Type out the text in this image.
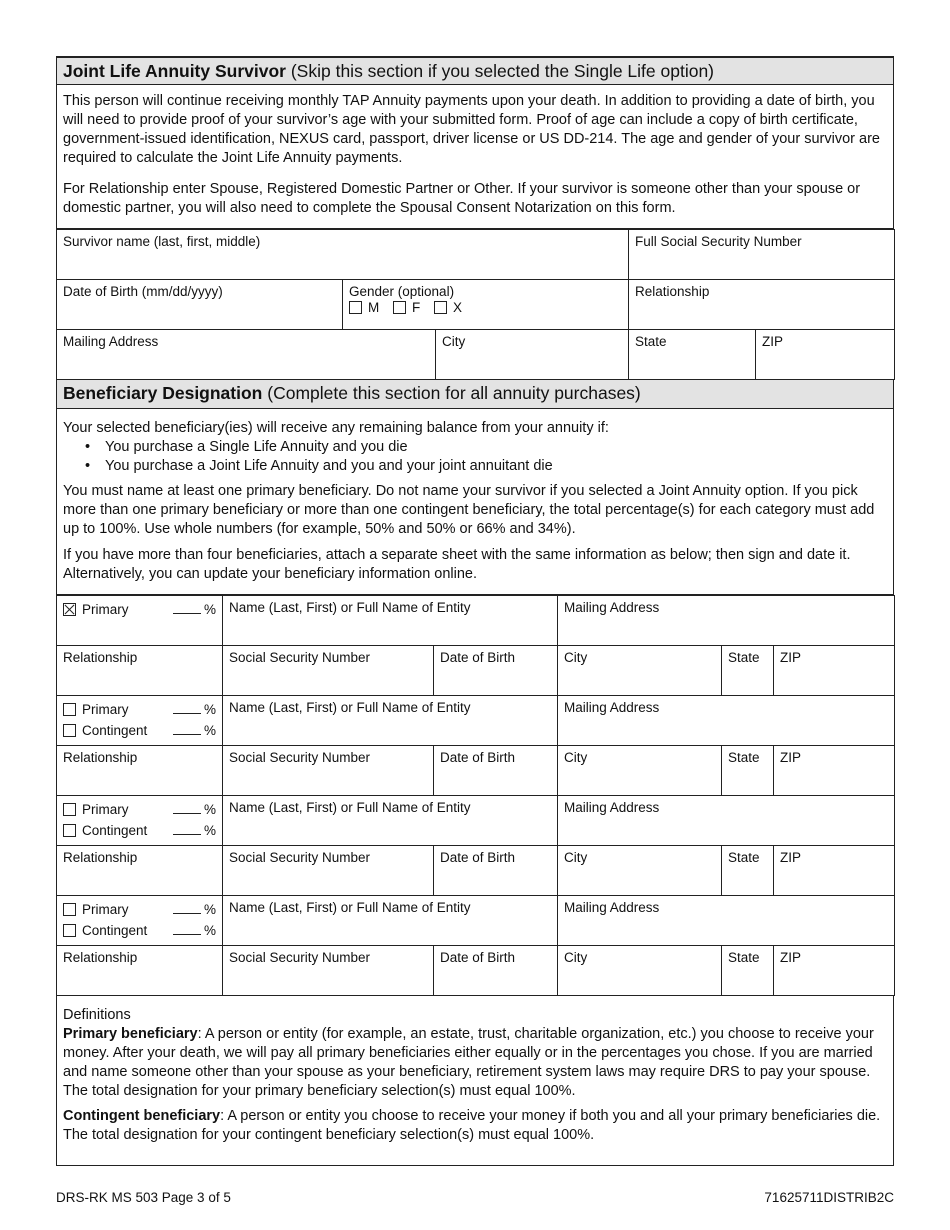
Joint Life Annuity Survivor (Skip this section if you selected the Single Life option)

This person will continue receiving monthly TAP Annuity payments upon your death. In addition to providing a date of birth, you will need to provide proof of your survivor’s age with your submitted form. Proof of age can include a copy of birth certificate, government-issued identification, NEXUS card, passport, driver license or US DD-214. The age and gender of your survivor are required to calculate the Joint Life Annuity payments.

For Relationship enter Spouse, Registered Domestic Partner or Other. If your survivor is someone other than your spouse or domestic partner, you will also need to complete the Spousal Consent Notarization on this form.

Survivor name (last, first, middle)			Full Social Security Number	

Date of Birth (mm/dd/yyyy)	Gender (optional)
M F X		Relationship	

Mailing Address		City	State	ZIP
Beneficiary Designation (Complete this section for all annuity purchases)

Your selected beneficiary(ies) will receive any remaining balance from your annuity if:

• You purchase a Single Life Annuity and you die
• You purchase a Joint Life Annuity and you and your joint annuitant die

You must name at least one primary beneficiary. Do not name your survivor if you selected a Joint Annuity option. If you pick more than one primary beneficiary or more than one contingent beneficiary, the total percentage(s) for each category must add up to 100%. Use whole numbers (for example, 50% and 50% or 66% and 34%).

If you have more than four beneficiaries, attach a separate sheet with the same information as below; then sign and date it. Alternatively, you can update your beneficiary information online.

Primary %	Name (Last, First) or Full Name of Entity		Mailing Address		

Relationship	Social Security Number	Date of Birth	City	State	ZIP

Primary %
Contingent %	Name (Last, First) or Full Name of Entity		Mailing Address		

Relationship	Social Security Number	Date of Birth	City	State	ZIP

Primary %
Contingent %	Name (Last, First) or Full Name of Entity		Mailing Address		

Relationship	Social Security Number	Date of Birth	City	State	ZIP

Primary %
Contingent %	Name (Last, First) or Full Name of Entity		Mailing Address		

Relationship	Social Security Number	Date of Birth	City	State	ZIP

Definitions

Primary beneficiary: A person or entity (for example, an estate, trust, charitable organization, etc.) you choose to receive your money. After your death, we will pay all primary beneficiaries either equally or in the percentages you chose. If you are married and name someone other than your spouse as your beneficiary, retirement system laws may require DRS to pay your spouse. The total designation for your primary beneficiary selection(s) must equal 100%.

Contingent beneficiary: A person or entity you choose to receive your money if both you and all your primary beneficiaries die. The total designation for your contingent beneficiary selection(s) must equal 100%.

DRS-RK MS 503 Page 3 of 5	71625711DISTRIB2C
